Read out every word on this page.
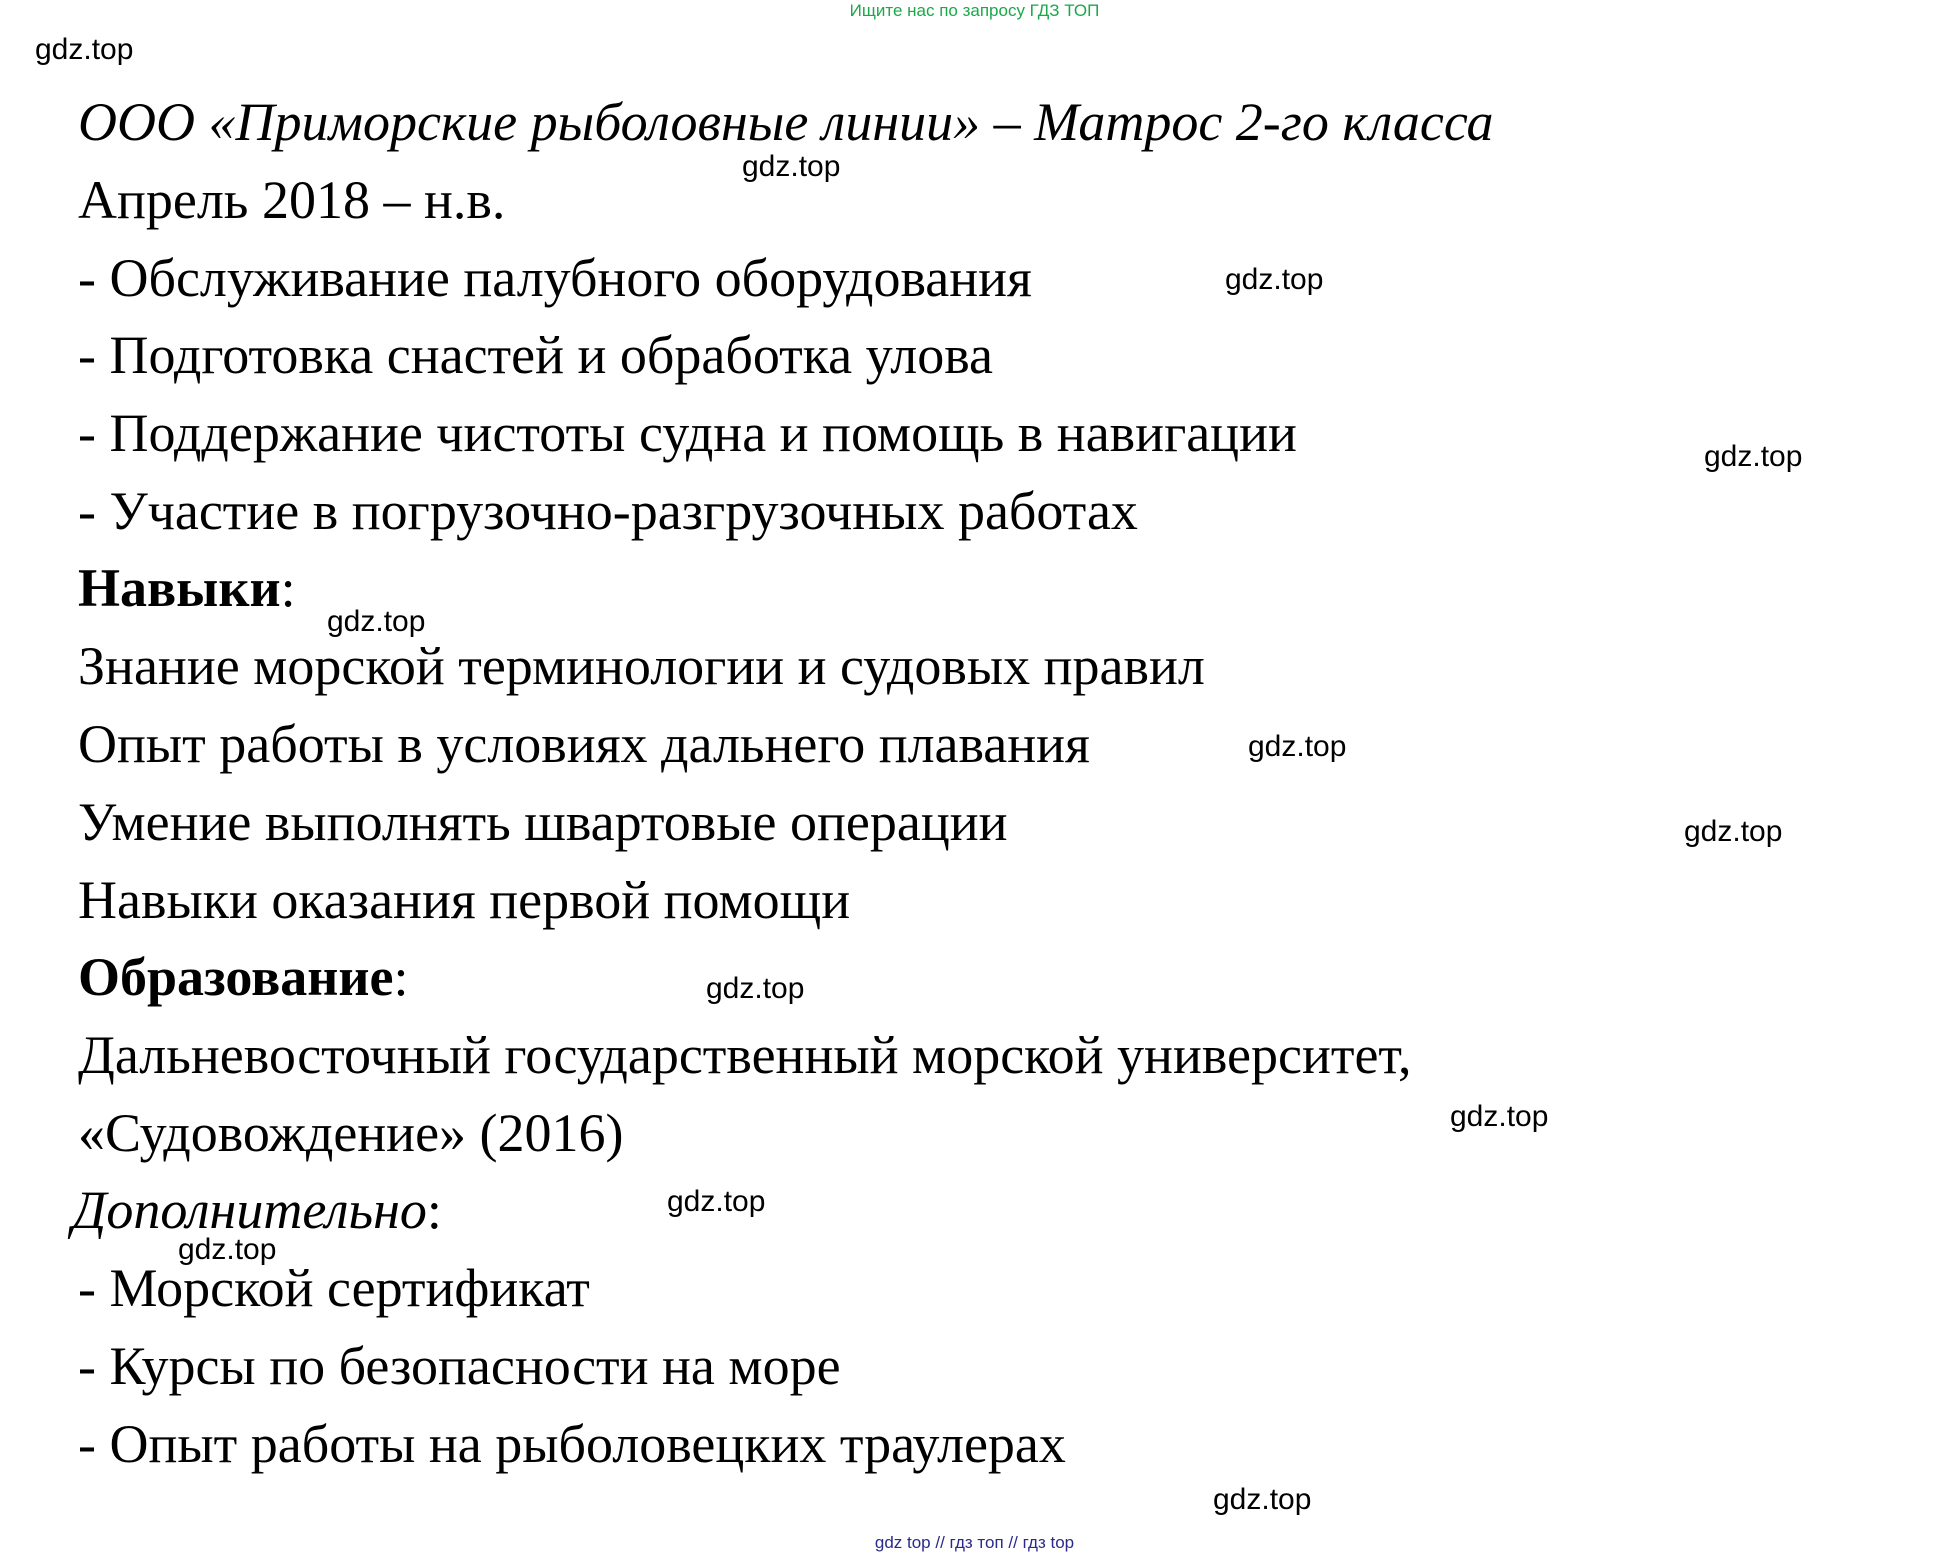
Ищите нас по запросу ГДЗ ТОП
gdz.top
gdz.top
gdz.top
gdz.top
gdz.top
gdz.top
gdz.top
gdz.top
gdz.top
gdz.top
gdz.top
gdz.top
ООО «Приморские рыболовные линии» – Матрос 2-го класса
Апрель 2018 – н.в.
- Обслуживание палубного оборудования
- Подготовка снастей и обработка улова
- Поддержание чистоты судна и помощь в навигации
- Участие в погрузочно-разгрузочных работах
Навыки:
Знание морской терминологии и судовых правил
Опыт работы в условиях дальнего плавания
Умение выполнять швартовые операции
Навыки оказания первой помощи
Образование:
Дальневосточный государственный морской университет,
«Судовождение» (2016)
Дополнительно:
- Морской сертификат
- Курсы по безопасности на море
- Опыт работы на рыболовецких траулерах
gdz top // гдз топ // гдз top
